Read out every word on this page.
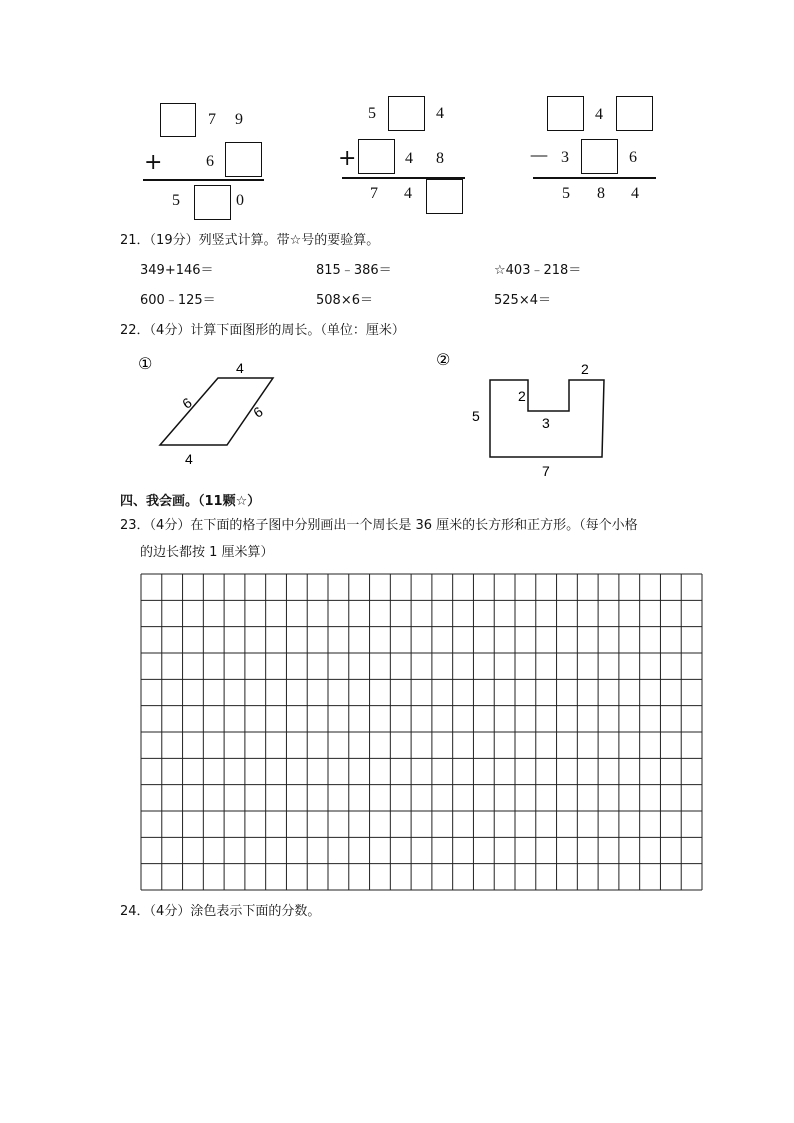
7 9
+	6
5	0
5	4
+	4 8
7 4
4
－ 3	6
5 8 4
21．（19分）列竖式计算。带☆号的要验算。
349+146＝	815﹣386＝	☆403﹣218＝
600﹣125＝	508×6＝	525×4＝
22．（4分）计算下面图形的周长。（单位：厘米）
①	4
4
6
6
②
5
7
2
3
2
四、我会画。（11颗☆）
23．（4分）在下面的格子图中分别画出一个周长是 36 厘米的长方形和正方形。（每个小格
的边长都按 1 厘米算）
24．（4分）涂色表示下面的分数。
